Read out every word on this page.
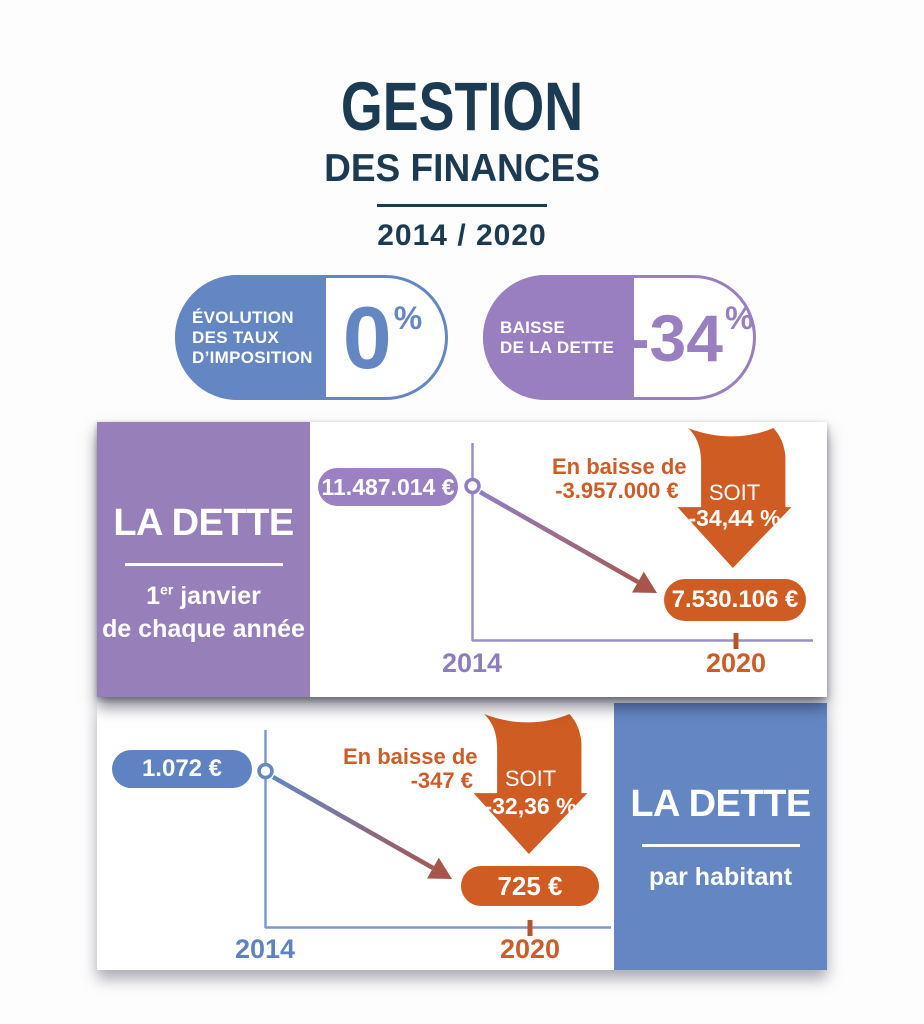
GESTION
DES FINANCES
2014 / 2020
ÉVOLUTION
DES TAUX
D’IMPOSITION 0%	BAISSE
DE LA DETTE -34%
LA DETTE
1er janvier
de chaque année
11.487.014 €
En baisse de
-3.957.000 €	SOIT
-34,44 %
7.530.106 €
2014	2020
1.072 €	En baisse de
-347 €	SOIT
-32,36 %
725 €
2014	2020
LA DETTE
par habitant
